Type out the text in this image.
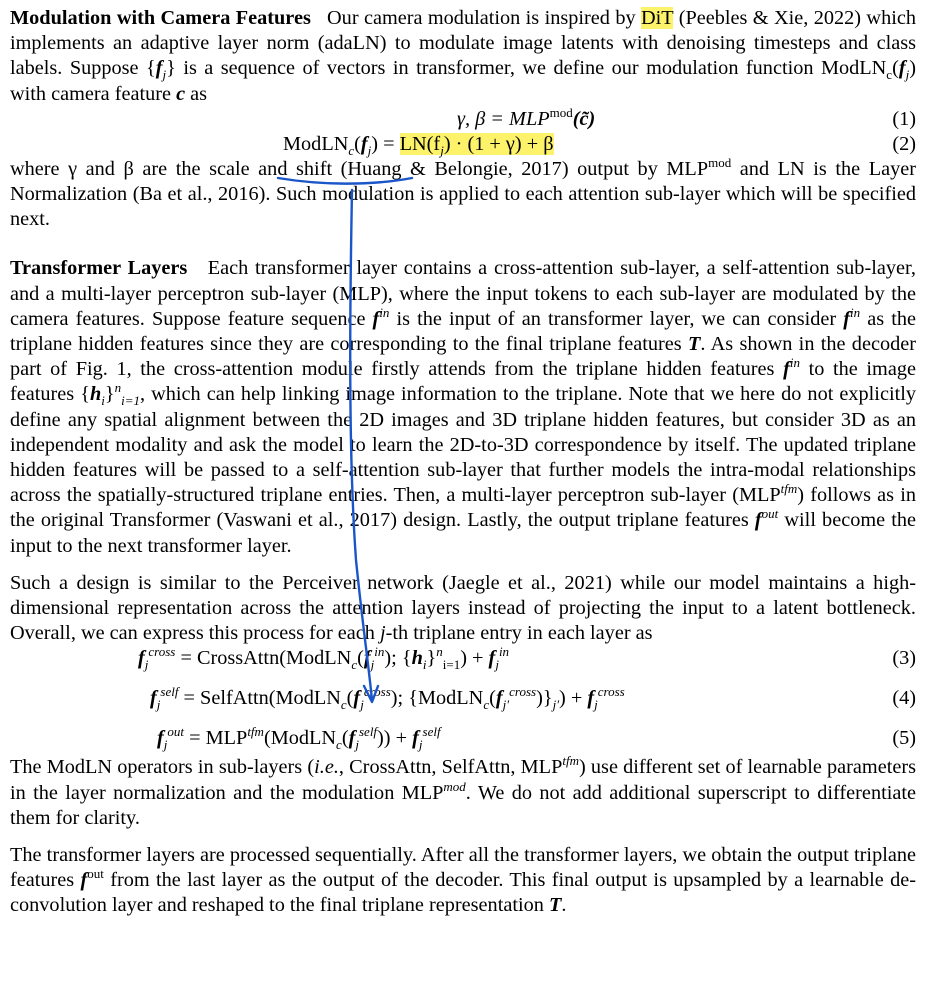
Modulation with Camera Features Our camera modulation is inspired by DiT (Peebles & Xie, 2022) which implements an adaptive layer norm (adaLN) to modulate image latents with denoising timesteps and class labels. Suppose $\{f_j\}$ is a sequence of vectors in transformer, we define our modulation function $ModLN_c(f_j)$ with camera feature c as

γ, $\beta = MLP^{mod}(c̃)$	(1)
$ModLN_c(f_j) = LN(f_j) \cdot (1 + \gamma) + \beta$	(2)

where γ and β are the scale and shift (Huang & Belongie, 2017) output by $MLP^{mod}$ and LN is the Layer Normalization (Ba et al., 2016). Such modulation is applied to each attention sub-layer which will be specified next.

Transformer Layers Each transformer layer contains a cross-attention sub-layer, a self-attention sub-layer, and a multi-layer perceptron sub-layer (MLP), where the input tokens to each sub-layer are modulated by the camera features. Suppose feature sequence $f^{in}$ is the input of an transformer layer, we can consider $f^{in}$ as the triplane hidden features since they are corresponding to the final triplane features T. As shown in the decoder part of Fig. 1, the cross-attention module firstly attends from the triplane hidden features $f^{in}$ to the image features $\{h_i\}^n_{i=1}$, which can help linking image information to the triplane. Note that we here do not explicitly define any spatial alignment between the 2D images and 3D triplane hidden features, but consider 3D as an independent modality and ask the model to learn the 2D-to-3D correspondence by itself. The updated triplane hidden features will be passed to a self-attention sub-layer that further models the intra-modal relationships across the spatially-structured triplane entries. Then, a multi-layer perceptron sub-layer $(MLP^{tfm})$ follows as in the original Transformer (Vaswani et al., 2017) design. Lastly, the output triplane features $f^{out}$ will become the input to the next transformer layer.

Such a design is similar to the Perceiver network (Jaegle et al., 2021) while our model maintains a high-dimensional representation across the attention layers instead of projecting the input to a latent bottleneck. Overall, we can express this process for each j-th triplane entry in each layer as

$f_j^{cross}$ = $CrossAttn(ModLN_c(f_j^{in})$; $\{h_i\}^n_{i=1}) + f_j^{in}$	(3)
$f_j^{self}$ = $SelfAttn(ModLN_c(f_j^{cross})$; $\{ModLN_c(f_{j'}^{cross})\}_{j'}) + f_j^{cross}$	(4)
$f_j^{out}$ = $MLP^{tfm}(ModLN_c(f_j^{self})) + f_j^{self}$	(5)

The ModLN operators in sub-layers (i.e., CrossAttn, SelfAttn, $MLP^{tfm}$) use different set of learnable parameters in the layer normalization and the modulation $MLP^{mod}$. We do not add additional superscript to differentiate them for clarity.

The transformer layers are processed sequentially. After all the transformer layers, we obtain the output triplane features $f^{out}$ from the last layer as the output of the decoder. This final output is upsampled by a learnable de-convolution layer and reshaped to the final triplane representation T.
